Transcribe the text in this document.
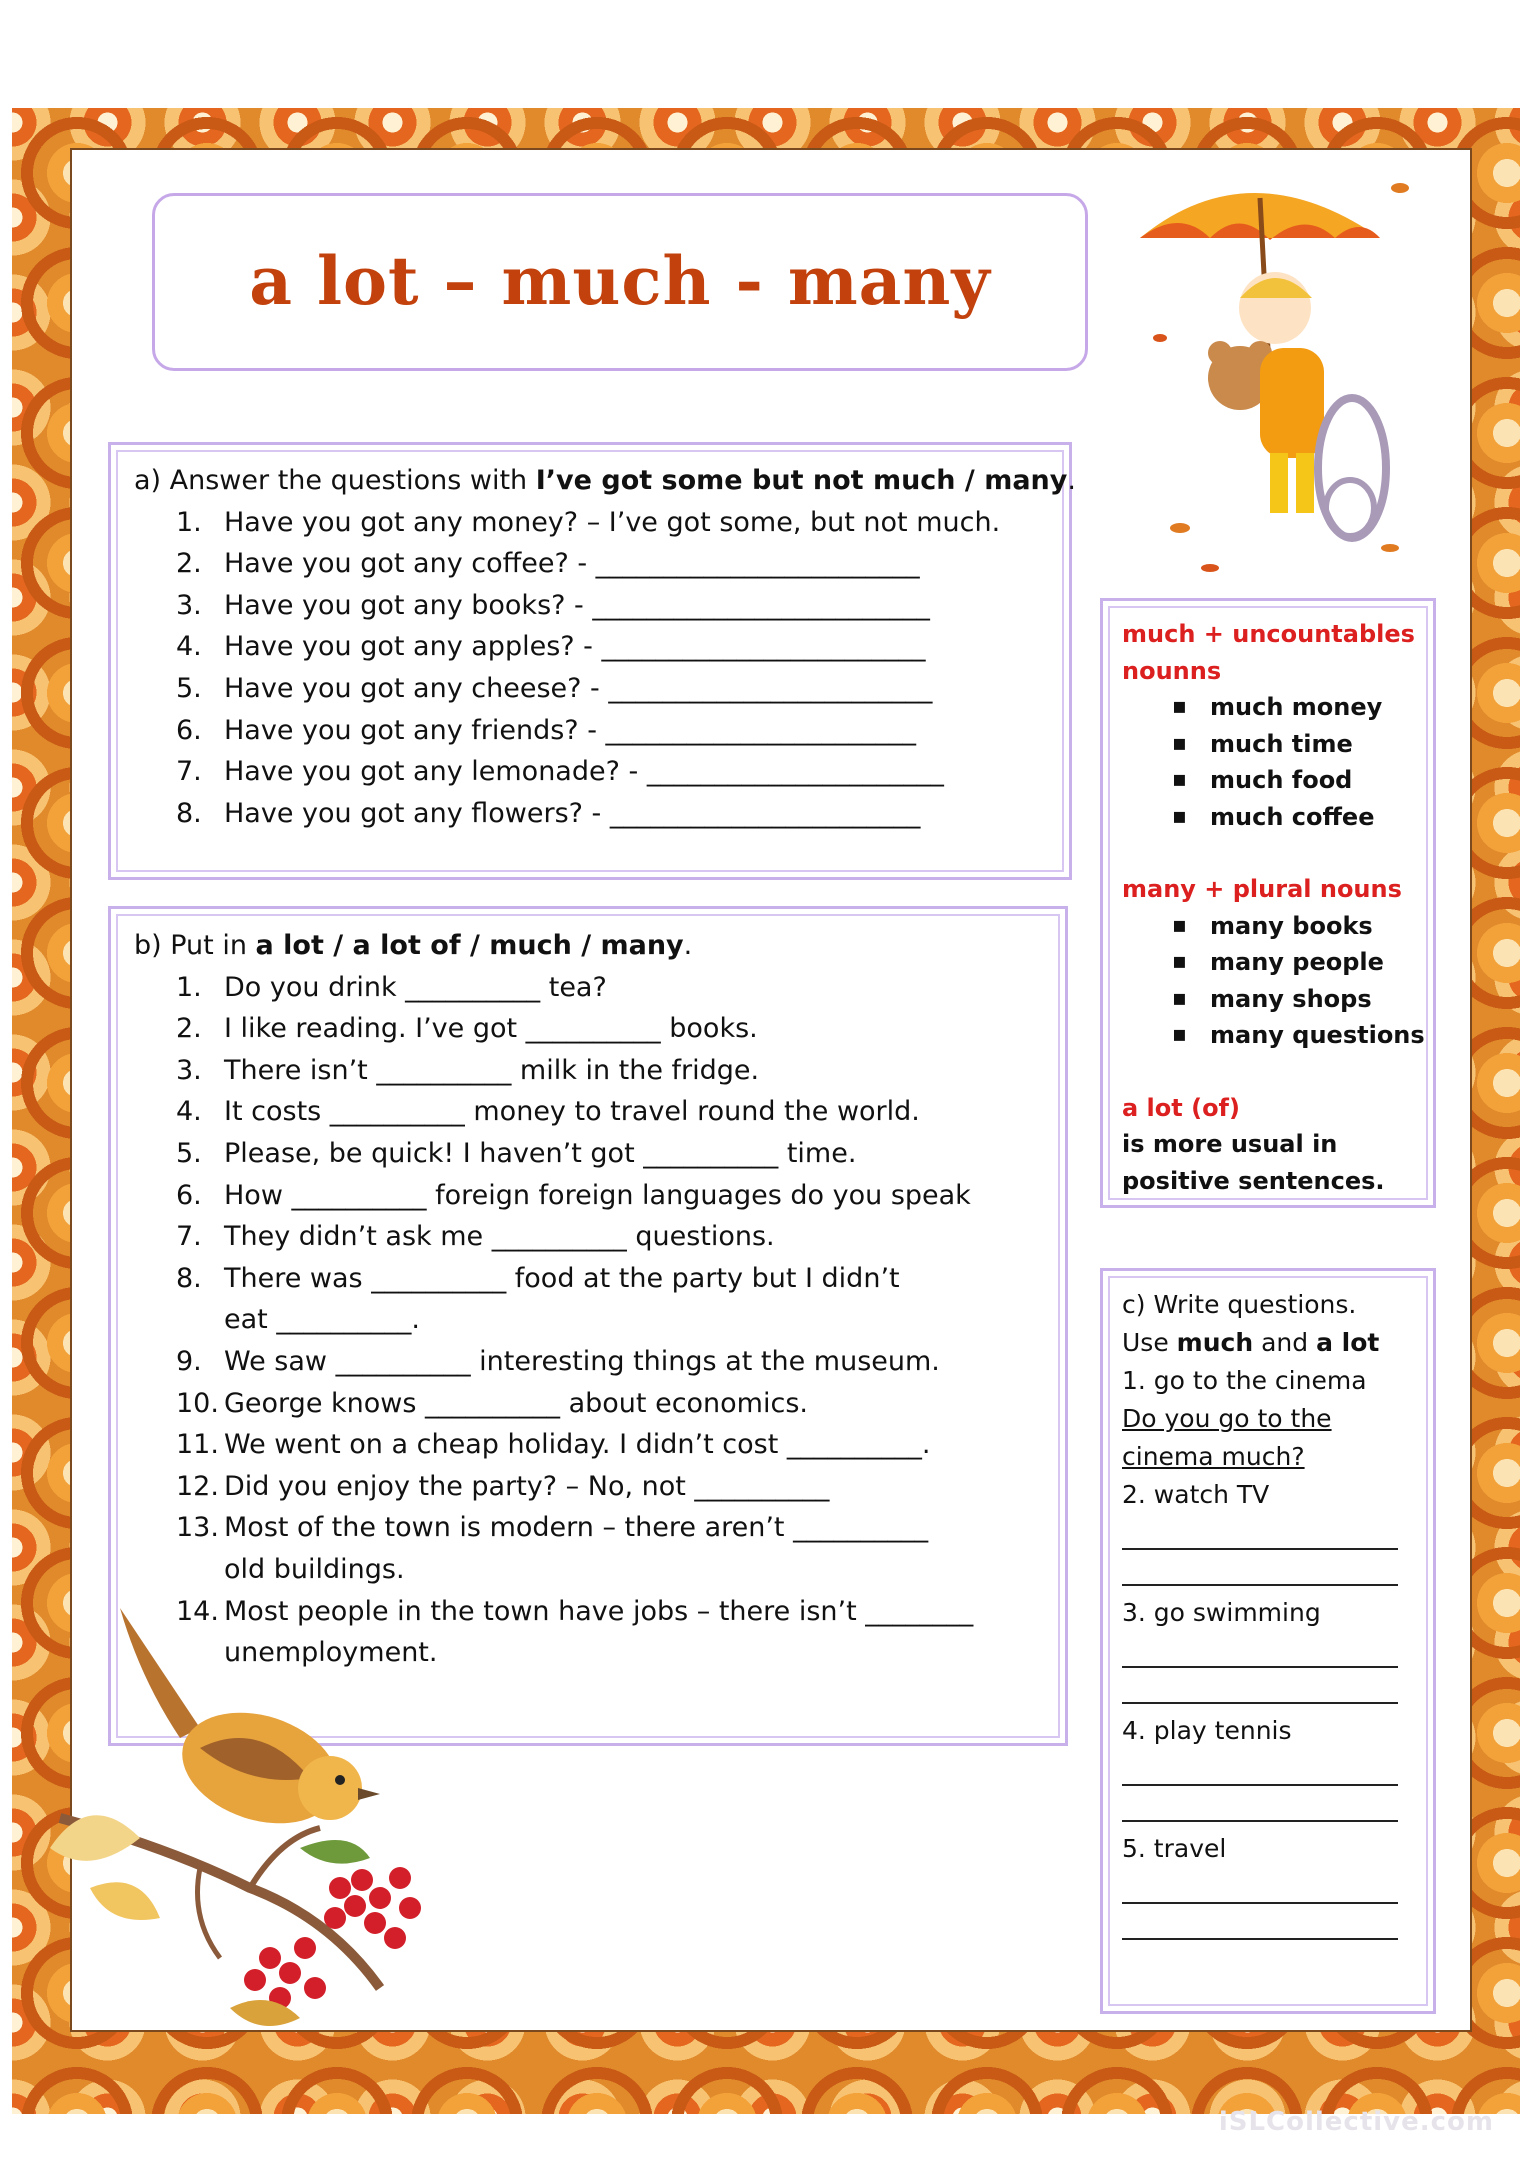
a lot – much - many
a) Answer the questions with I’ve got some but not much / many.
1. Have you got any money? – I’ve got some, but not much.
2. Have you got any coffee? - ________________________
3. Have you got any books? - _________________________
4. Have you got any apples? - ________________________
5. Have you got any cheese? - ________________________
6. Have you got any friends? - _______________________
7. Have you got any lemonade? - ______________________
8. Have you got any flowers? - _______________________
b) Put in a lot / a lot of / much / many.
1. Do you drink __________ tea?
2. I like reading. I’ve got __________ books.
3. There isn’t __________ milk in the fridge.
4. It costs __________ money to travel round the world.
5. Please, be quick! I haven’t got __________ time.
6. How __________ foreign foreign languages do you speak
7. They didn’t ask me __________ questions.
8. There was __________ food at the party but I didn’t
eat __________.
9. We saw __________ interesting things at the museum.
10. George knows __________ about economics.
11. We went on a cheap holiday. I didn’t cost __________.
12. Did you enjoy the party? – No, not __________
13. Most of the town is modern – there aren’t __________
old buildings.
14. Most people in the town have jobs – there isn’t ________
unemployment.
much + uncountables
nounns
▪ much money
▪ much time
▪ much food
▪ much coffee
many + plural nouns
▪ many books
▪ many people
▪ many shops
▪ many questions
a lot (of)
is more usual in
positive sentences.
c) Write questions.
Use much and a lot
1. go to the cinema
Do you go to the
cinema much?
2. watch TV
3. go swimming
4. play tennis
5. travel
iSLCollective.com
